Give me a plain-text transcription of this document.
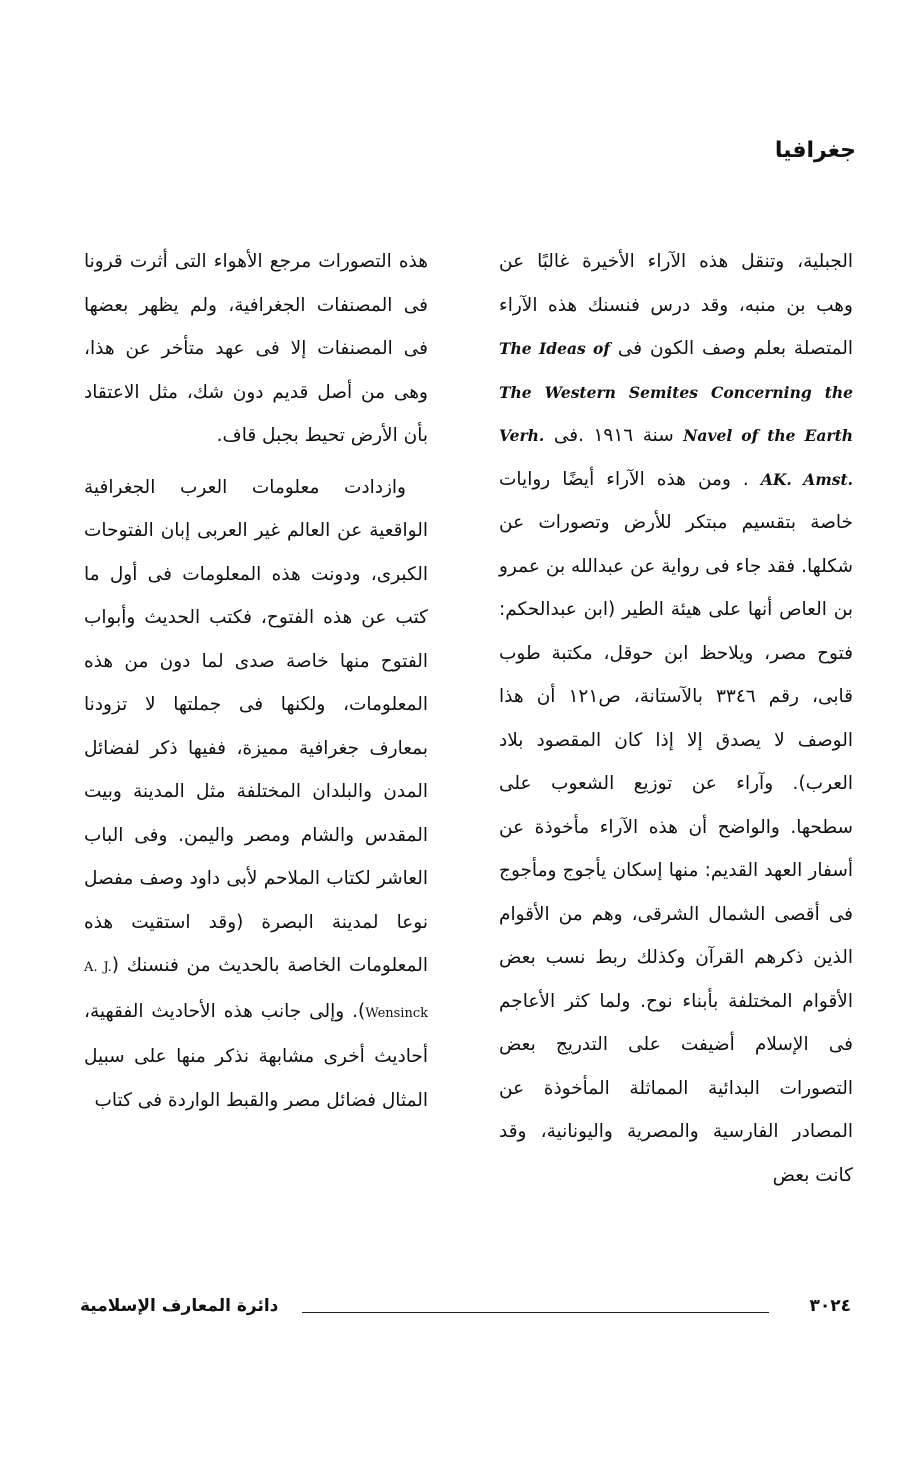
جغرافيا

الجبلية، وتنقل هذه الآراء الأخيرة غالبًا عن وهب بن منبه، وقد درس فنسنك هذه الآراء المتصلة بعلم وصف الكون فى The Ideas of The Western Semites Concerning the Navel of the Earth سنة ١٩١٦ .فى Verh. AK. Amst. . ومن هذه الآراء أيضًا روايات خاصة بتقسيم مبتكر للأرض وتصورات عن شكلها. فقد جاء فى رواية عن عبدالله بن عمرو بن العاص أنها على هيئة الطير (ابن عبدالحكم: فتوح مصر، ويلاحظ ابن حوقل، مكتبة طوب قابى، رقم ٣٣٤٦ بالآستانة، ص١٢١ أن هذا الوصف لا يصدق إلا إذا كان المقصود بلاد العرب). وآراء عن توزيع الشعوب على سطحها. والواضح أن هذه الآراء مأخوذة عن أسفار العهد القديم: منها إسكان يأجوج ومأجوج فى أقصى الشمال الشرقى، وهم من الأقوام الذين ذكرهم القرآن وكذلك ربط نسب بعض الأقوام المختلفة بأبناء نوح. ولما كثر الأعاجم فى الإسلام أضيفت على التدريج بعض التصورات البدائية المماثلة المأخوذة عن المصادر الفارسية والمصرية واليونانية، وقد كانت بعض

هذه التصورات مرجع الأهواء التى أثرت قرونا فى المصنفات الجغرافية، ولم يظهر بعضها فى المصنفات إلا فى عهد متأخر عن هذا، وهى من أصل قديم دون شك، مثل الاعتقاد بأن الأرض تحيط بجبل قاف.

وازدادت معلومات العرب الجغرافية الواقعية عن العالم غير العربى إبان الفتوحات الكبرى، ودونت هذه المعلومات فى أول ما كتب عن هذه الفتوح، فكتب الحديث وأبواب الفتوح منها خاصة صدى لما دون من هذه المعلومات، ولكنها فى جملتها لا تزودنا بمعارف جغرافية مميزة، ففيها ذكر لفضائل المدن والبلدان المختلفة مثل المدينة وبيت المقدس والشام ومصر واليمن. وفى الباب العاشر لكتاب الملاحم لأبى داود وصف مفصل نوعا لمدينة البصرة (وقد استقيت هذه المعلومات الخاصة بالحديث من فنسنك (A. J. Wensinck). وإلى جانب هذه الأحاديث الفقهية، أحاديث أخرى مشابهة نذكر منها على سبيل المثال فضائل مصر والقبط الواردة فى كتاب

٣٠٢٤
دائرة المعارف الإسلامية
